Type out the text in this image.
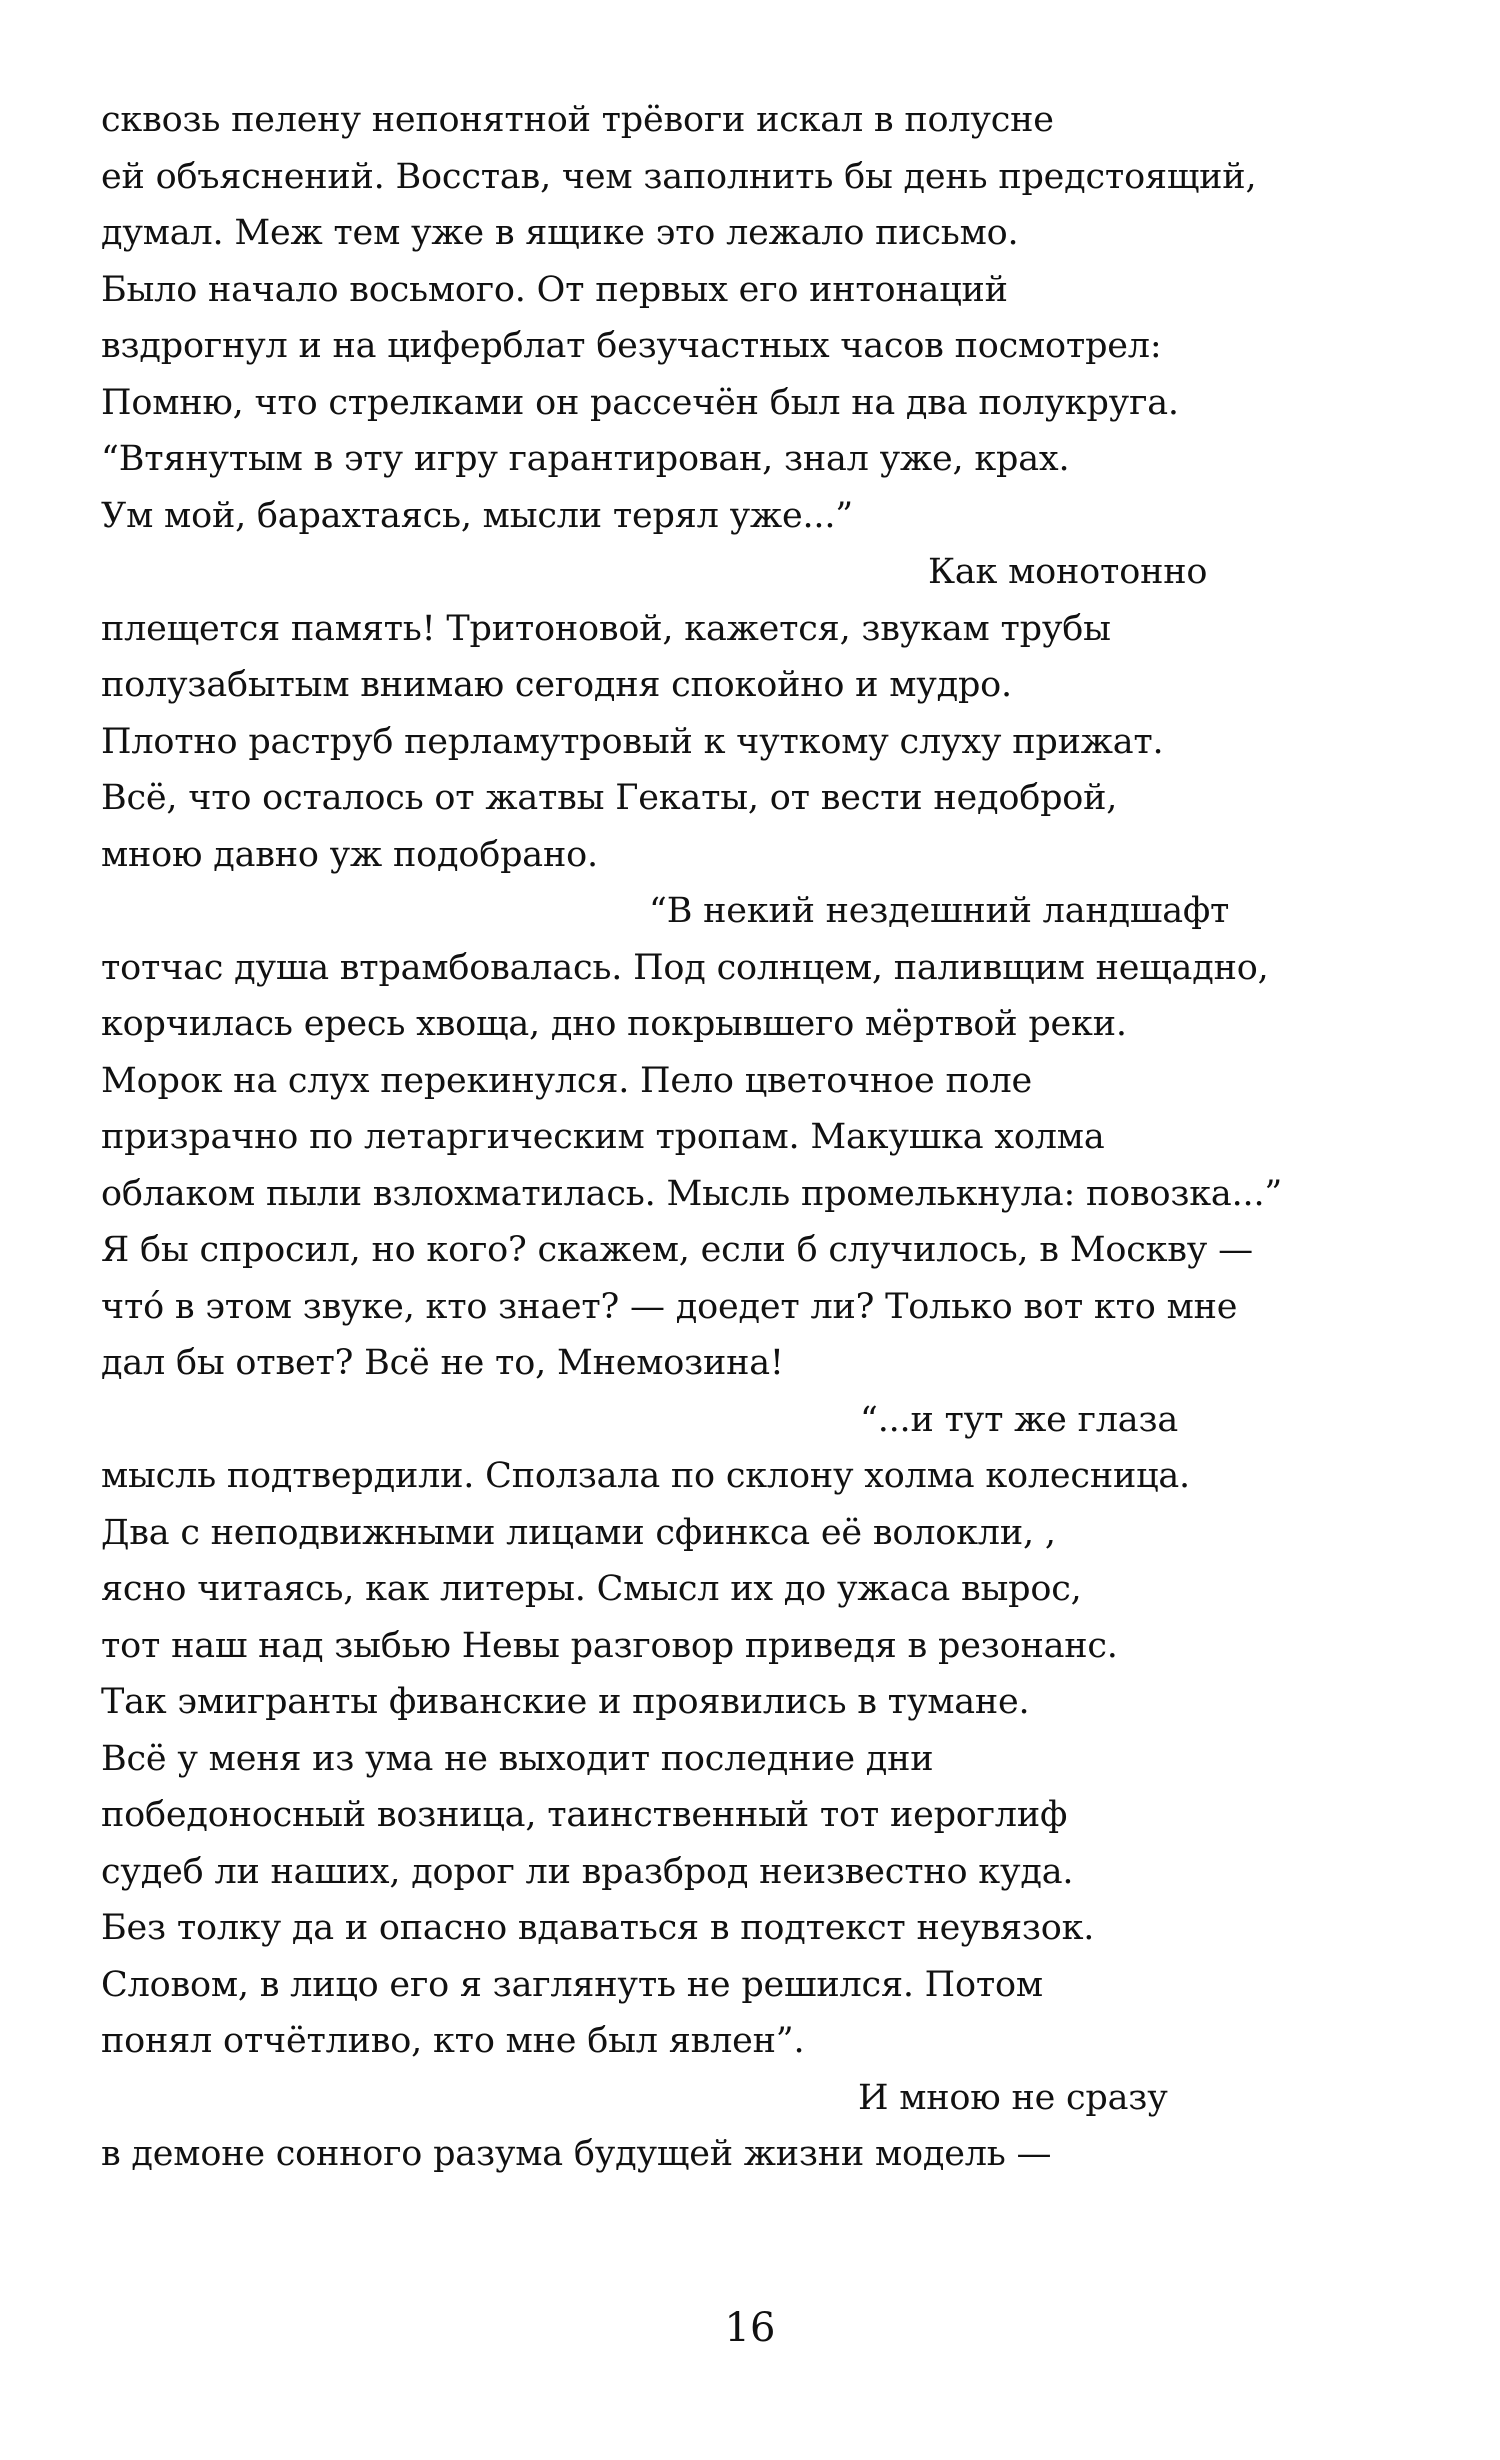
сквозь пелену непонятной трёвоги искал в полусне
ей объяснений. Восстав, чем заполнить бы день предстоящий,
думал. Меж тем уже в ящике это лежало письмо.
Было начало восьмого. От первых его интонаций
вздрогнул и на циферблат безучастных часов посмотрел:
Помню, что стрелками он рассечён был на два полукруга.
“Втянутым в эту игру гарантирован, знал уже, крах.
Ум мой, барахтаясь, мысли терял уже...”
Как монотонно
плещется память! Тритоновой, кажется, звукам трубы
полузабытым внимаю сегодня спокойно и мудро.
Плотно раструб перламутровый к чуткому слуху прижат.
Всё, что осталось от жатвы Гекаты, от вести недоброй,
мною давно уж подобрано.
“В некий нездешний ландшафт
тотчас душа втрамбовалась. Под солнцем, паливщим нещадно,
корчилась ересь хвоща, дно покрывшего мёртвой реки.
Морок на слух перекинулся. Пело цветочное поле
призрачно по летаргическим тропам. Макушка холма
облаком пыли взлохматилась. Мысль промелькнула: повозка...”
Я бы спросил, но кого? скажем, если б случилось, в Москву —
что́ в этом звуке, кто знает? — доедет ли? Только вот кто мне
дал бы ответ? Всё не то, Мнемозина!
“...и тут же глаза
мысль подтвердили. Сползала по склону холма колесница.
Два с неподвижными лицами сфинкса её волокли, ,
ясно читаясь, как литеры. Смысл их до ужаса вырос,
тот наш над зыбью Невы разговор приведя в резонанс.
Так эмигранты фиванские и проявились в тумане.
Всё у меня из ума не выходит последние дни
победоносный возница, таинственный тот иероглиф
судеб ли наших, дорог ли вразброд неизвестно куда.
Без толку да и опасно вдаваться в подтекст неувязок.
Словом, в лицо его я заглянуть не решился. Потом
понял отчётливо, кто мне был явлен”.
И мною не сразу
в демоне сонного разума будущей жизни модель —
16
